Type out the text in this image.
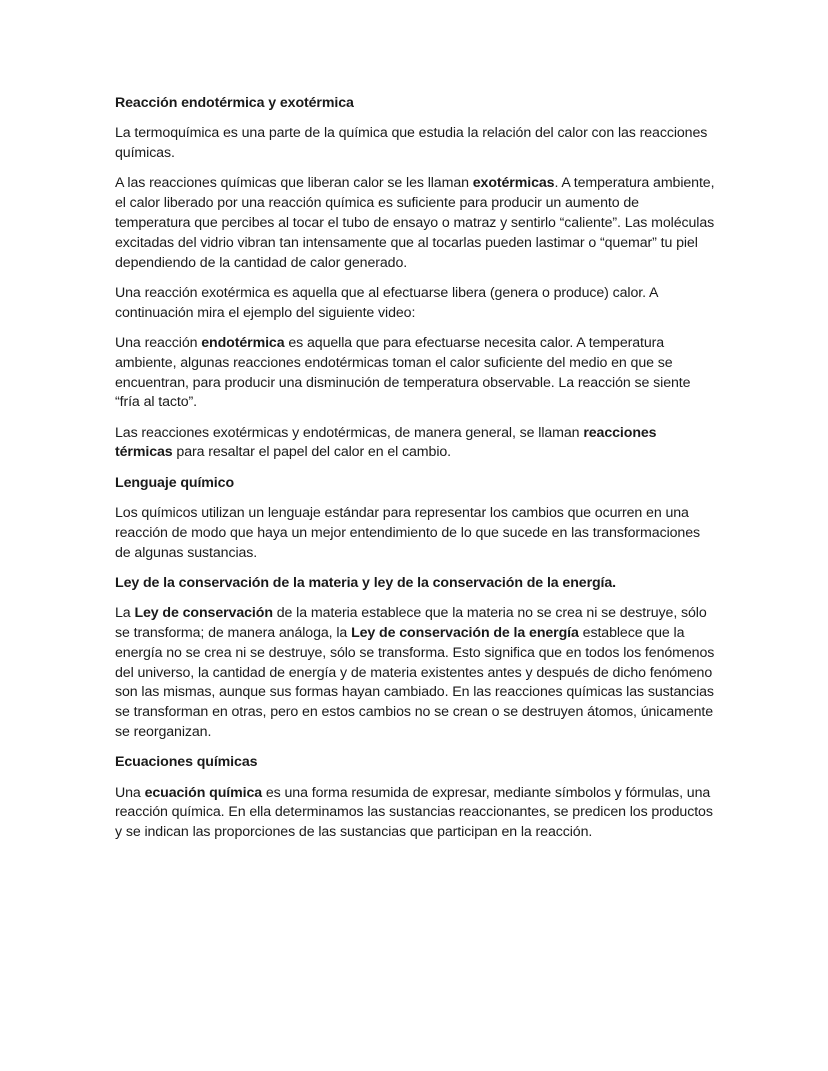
Reacción endotérmica y exotérmica

La termoquímica es una parte de la química que estudia la relación del calor con las reacciones químicas.

A las reacciones químicas que liberan calor se les llaman exotérmicas. A temperatura ambiente, el calor liberado por una reacción química es suficiente para producir un aumento de temperatura que percibes al tocar el tubo de ensayo o matraz y sentirlo “caliente”. Las moléculas excitadas del vidrio vibran tan intensamente que al tocarlas pueden lastimar o “quemar” tu piel dependiendo de la cantidad de calor generado.

Una reacción exotérmica es aquella que al efectuarse libera (genera o produce) calor. A continuación mira el ejemplo del siguiente video:

Una reacción endotérmica es aquella que para efectuarse necesita calor. A temperatura ambiente, algunas reacciones endotérmicas toman el calor suficiente del medio en que se encuentran, para producir una disminución de temperatura observable. La reacción se siente “fría al tacto”.

Las reacciones exotérmicas y endotérmicas, de manera general, se llaman reacciones térmicas para resaltar el papel del calor en el cambio.

Lenguaje químico

Los químicos utilizan un lenguaje estándar para representar los cambios que ocurren en una reacción de modo que haya un mejor entendimiento de lo que sucede en las transformaciones de algunas sustancias.

Ley de la conservación de la materia y ley de la conservación de la energía.

La Ley de conservación de la materia establece que la materia no se crea ni se destruye, sólo se transforma; de manera análoga, la Ley de conservación de la energía establece que la energía no se crea ni se destruye, sólo se transforma. Esto significa que en todos los fenómenos del universo, la cantidad de energía y de materia existentes antes y después de dicho fenómeno son las mismas, aunque sus formas hayan cambiado. En las reacciones químicas las sustancias se transforman en otras, pero en estos cambios no se crean o se destruyen átomos, únicamente se reorganizan.

Ecuaciones químicas

Una ecuación química es una forma resumida de expresar, mediante símbolos y fórmulas, una reacción química. En ella determinamos las sustancias reaccionantes, se predicen los productos y se indican las proporciones de las sustancias que participan en la reacción.
